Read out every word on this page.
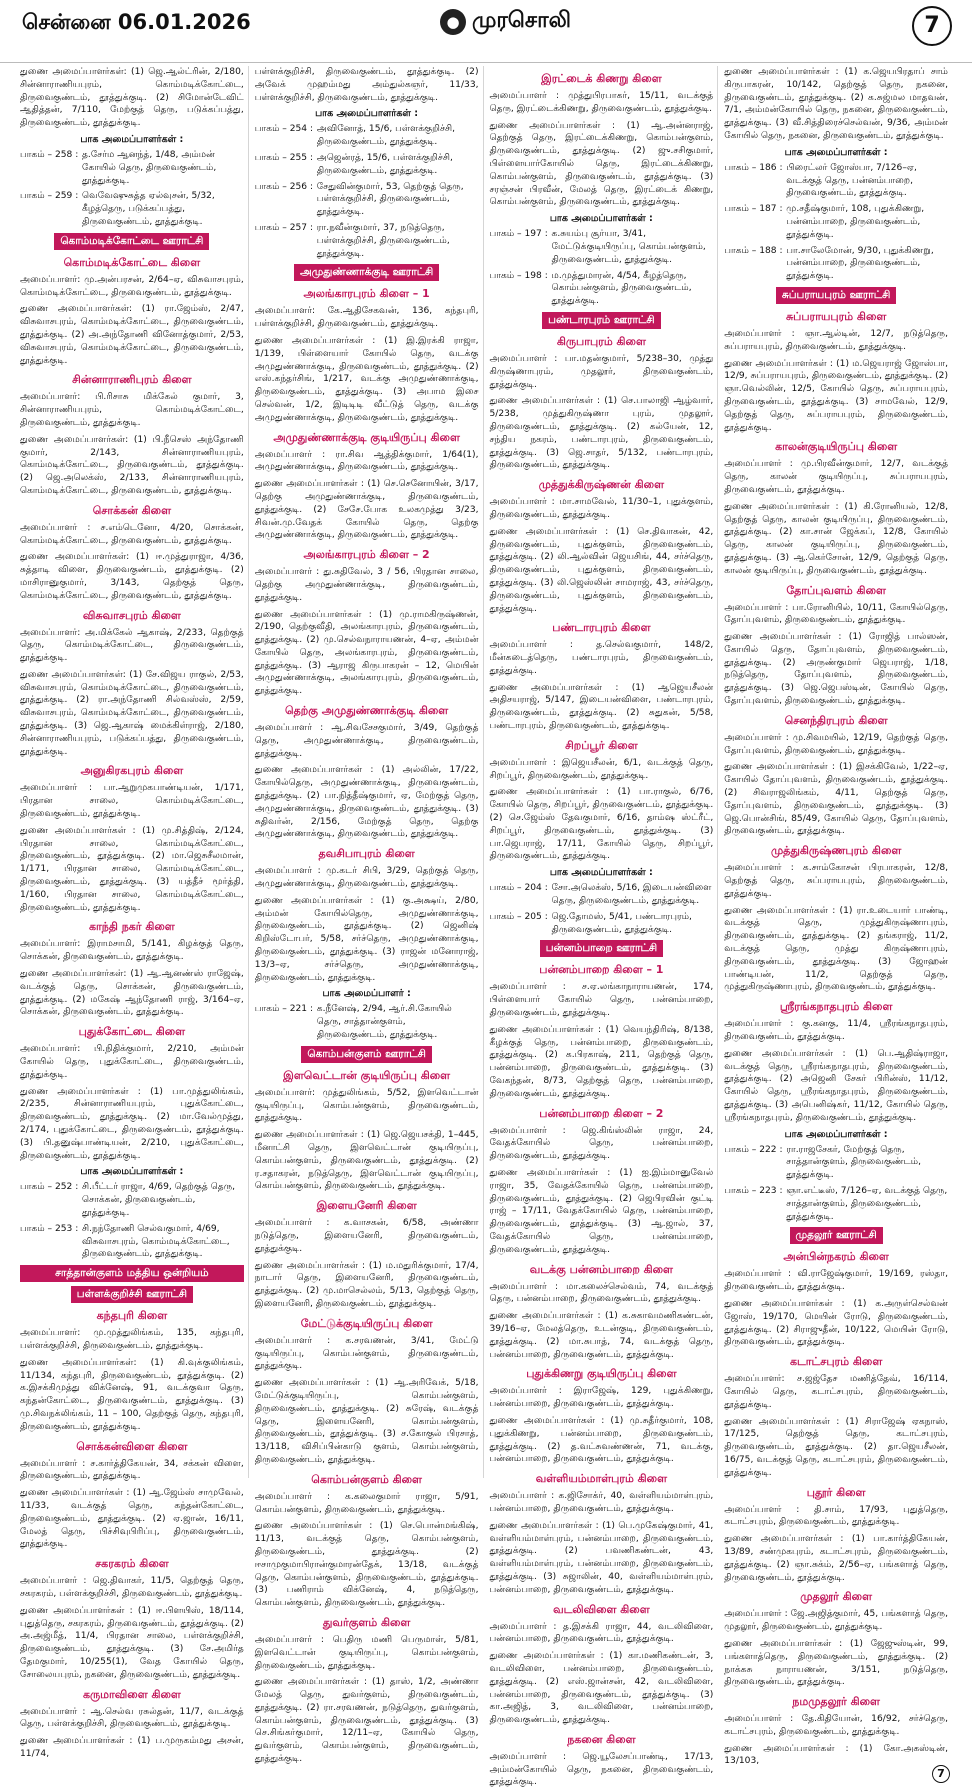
சென்னை 06.01.2026	● முரசொலி	7

துணை அமைப்பாளர்கள்: (1) ஜெ.ஆல்ட்ரின், 2/180, சின்னாராணியபுரம், கொம்மடிக்கோட்டை, திருவைகுண்டம், தூத்துக்குடி. (2) சிமோன்டேவிட் ஆதித்தன், 7/110, மேற்குத் தெரு, படுக்கப்பத்து, திருவைகுண்டம், தூத்துக்குடி.

பாக அமைப்பாளர்கள் :
பாகம் – 258 : த.சேர்ம ஆனந்த், 1/48, அம்மன் கோயில் தெரு, திருவைகுண்டம், தூத்துக்குடி.
பாகம் – 259 : வெவேஷுசுத்த ஏல்வுசன், 5/32, கீழத்தெரு, படுக்கப்பத்து, திருவைகுண்டம், தூத்துக்குடி.
கொம்மடிக்கோட்டை ஊராட்சி
கொம்மடிக்கோட்டை கிளை

அமைப்பாளர்: மு.அன்பரசன், 2/64–ஏ, விசுவாசபுரம், கொம்மடிக்கோட்டை, திருவைகுண்டம், தூத்துக்குடி.

துணை அமைப்பாளர்கள்: (1) ரா.ஜேம்ஸ், 2/47, விசுவாசபுரம், கொம்மடிக்கோட்டை, திருவைகுண்டம், தூத்துக்குடி. (2) அ.அந்தோணி வினோத்குமார், 2/53, விசுவாசபுரம், கொம்மடிக்கோட்டை, திருவைகுண்டம், தூத்துக்குடி.

சின்னாராணிபுரம் கிளை

அமைப்பாளர்: பி.ரிசாசு மிக்கேல் குமார், 3, சின்னாராணியபுரம், கொம்மடிக்கோட்டை, திருவைகுண்டம், தூத்துக்குடி.

துணை அமைப்பாளர்கள்: (1) பி.நீசெஸ் அந்தோணி குமார், 2/143, சின்னாராணியபுரம், கொம்மடிக்கோட்டை, திருவைகுண்டம், தூத்துக்குடி. (2) ஜெ.அலெக்ஸ், 2/133, சின்னாராணியபுரம், கொம்மடிக்கோட்டை, திருவைகுண்டம், தூத்துக்குடி.

சொக்கன் கிளை

அமைப்பாளர் : ச.எம்டெனோ, 4/20, சொக்கன், கொம்மடிக்கோட்டை, திருவைகுண்டம், தூத்துக்குடி.

துணை அமைப்பாளர்கள்: (1) ஈ.முத்துராஜா, 4/36, சுத்தாடி விளை, திருவைகுண்டம், தூத்துக்குடி. (2) மாசிரானுகுமார், 3/143, தெற்குத் தெரு, கொம்மடிக்கோட்டை, திருவைகுண்டம், தூத்துக்குடி.

விசுவாசபுரம் கிளை

அமைப்பாளர்: அ.மிக்கேல் ஆகாஷ், 2/233, தெற்குத் தெரு, கொம்மடிக்கோட்டை, திருவைகுண்டம், தூத்துக்குடி.

துணை அமைப்பாளர்கள்: (1) சே.விஜய ராகுல், 2/53, விசுவாசபுரம், கொம்மடிக்கோட்டை, திருவைகுண்டம், தூத்துக்குடி. (2) ரா.அந்தோணி சில்வஸ்ஸ், 2/59, விசுவாசபுரம், கொம்மடிக்கோட்டை, திருவைகுண்டம், தூத்துக்குடி. (3) ஜெ.ஆகாஷ் மைக்கிள்ராஜ், 2/180, சின்னாராணியபுரம், படுக்கப்பத்து, திருவைகுண்டம், தூத்துக்குடி.

அனுகிரகபுரம் கிளை

அமைப்பாளர் : பா.ஆறுமுகபாண்டியன், 1/171, பிரதான சாலை, கொம்மடிக்கோட்டை, திருவைகுண்டம், தூத்துக்குடி.

துணை அமைப்பாளர்கள் : (1) மு.சித்திஷ், 2/124, பிரதான சாலை, கொம்மடிக்கோட்டை, திருவைகுண்டம், தூத்துக்குடி. (2) மா.ஜெசுசீலமான், 1/171, பிரதான சாலை, கொம்மடிக்கோட்டை, திருவைகுண்டம், தூத்துக்குடி. (3) யத்தீச் மூர்த்தி, 1/160, பிரதான சாலை, கொம்மடிக்கோட்டை, திருவைகுண்டம், தூத்துக்குடி.

காந்தி நகர் கிளை

அமைப்பாளர்: இராமசாமி, 5/141, கிழக்குத் தெரு, சொக்கன், திருவைகுண்டம், தூத்துக்குடி.

துணை அமைப்பாளர்கள்: (1) ஆ.ஆனண்ஸ் ராஜேஷ், வடக்குத் தெரு, சொக்கன், திருவைகுண்டம், தூத்துக்குடி. (2) மகேஷ் ஆந்தோணி ராஜ், 3/164–ஏ, சொக்கன், திருவைகுண்டம், தூத்துக்குடி.

புதுக்கோட்டை கிளை

அமைப்பாளர்: பி.நிதிக்குமார், 2/210, அம்மன் கோயில் தெரு, புதுக்கோட்டை, திருவைகுண்டம், தூத்துக்குடி.

துணை அமைப்பாளர்கள் : (1) பா.முத்துலிங்கம், 2/235, சின்னாராணியபுரம், புதுக்கோட்டை, திருவைகுண்டம், தூத்துக்குடி. (2) மா.வேல்முத்து, 2/174, புதுக்கோட்டை, திருவைகுண்டம், தூத்துக்குடி. (3) பி.தனுஷ்பாண்டியன், 2/210, புதுக்கோட்டை, திருவைகுண்டம், தூத்துக்குடி.

பாக அமைப்பாளர்கள் :
பாகம் – 252 : சி.பீட்டர் ராஜா, 4/69, தெற்குத் தெரு, சொக்கன், திருவைகுண்டம், தூத்துக்குடி.
பாகம் – 253 : சி.நந்தோணி செல்வகுமார், 4/69, விசுவாசபுரம், கொம்மடிக்கோட்டை, திருவைகுண்டம், தூத்துக்குடி.
சாத்தான்குளம் மத்திய ஒன்றியம்
பள்ளக்குறிச்சி ஊராட்சி
கந்தபுரி கிளை

அமைப்பாளர்: மு.முத்துலிங்கம், 135, கந்தபுரி, பள்ளக்குறிச்சி, திருவைகுண்டம், தூத்துக்குடி.

துணை அமைப்பாளர்கள்: (1) கி.வுக்குலிங்கம், 11/134, கந்தபுரி, திருவைகுண்டம், தூத்துக்குடி. (2) க.இசக்கிமுத்து விக்னேஷ், 91, வடக்குவா தெரு, கந்தன்கோட்டை, திருவைகுண்டம், தூத்துக்குடி. (3) மு.சிவநக்லிங்கம், 11 – 100, தெற்குத் தெரு, கந்தபுரி, திருவைகுண்டம், தூத்துக்குடி.

சொக்கன்விளை கிளை

அமைப்பாளர் : ச.கார்த்திகேயன், 34, சக்கன் விளை, திருவைகுண்டம், தூத்துக்குடி.

துணை அமைப்பாளர்கள் : (1) ஆ.ஜேம்ஸ் சாமுவேல், 11/33, வடக்குத் தெரு, கந்தன்கோட்டை, திருவைகுண்டம், தூத்துக்குடி. (2) ஏ.ஜான், 16/11, மேலத் தெரு, பிச்சிவுபிரிப்பு, திருவைகுண்டம், தூத்துக்குடி.

சகரகரம் கிளை

அமைப்பாளர் : ஜெ.திவாகர், 11/5, தெற்குத் தெரு, சகரகரம், பள்ளக்குறிச்சி, திருவைகுண்டம், தூத்துக்குடி.

துணை அமைப்பாளர்கள் : (1) ஈ.பிளயிஸ், 18/114, புதுத்தெரு, சகரகரம், திருவைகுண்டம், தூத்துக்குடி. (2) அ.அஜ்மீத், 11/4, பிரதான சாலை, பள்ளக்குறிச்சி, திருவைகுண்டம், தூத்துக்குடி. (3) சே.அமிர்த தேமகுமார், 10/255(1), வேத கோயில் தெரு, சோலையபுரம், நகனை, திருவைகுண்டம், தூத்துக்குடி.

கருமாவிளை கிளை

அமைப்பாளர் : ஆ.செல்வ ரசுல்தன், 11/7, வடக்குத் தெரு, பள்ளக்குறிச்சி, திருவைகுண்டம், தூத்துக்குடி.

துணை அமைப்பாளர்கள் : (1) ப.முருகம்மது அசன், 11/74,

பள்ளக்குறிச்சி, திருவைகுண்டம், தூத்துக்குடி. (2) அவேக் முஹம்மது அம்துல்கஞர், 11/33, பள்ளக்குறிச்சி, திருவைகுண்டம், தூத்துக்குடி.

பாக அமைப்பாளர்கள் :
பாகம் – 254 : அவினோத், 15/6, பள்ளக்குறிச்சி, திருவைகுண்டம், தூத்துக்குடி.
பாகம் – 255 : அஜென்ரத், 15/6, பள்ளக்குறிச்சி, திருவைகுண்டம், தூத்துக்குடி.
பாகம் – 256 : சேதுவின்குமார், 53, தெற்குத் தெரு, பள்ளக்குறிச்சி, திருவைகுண்டம், தூத்துக்குடி.
பாகம் – 257 : ரா.நவீன்குமார், 37, நடுத்தெரு, பள்ளக்குறிச்சி, திருவைகுண்டம், தூத்துக்குடி.
அமுதுண்ணாக்குடி ஊராட்சி
அலங்காரபுரம் கிளை – 1

அமைப்பாளர்: கே.ஆதிசேகவன், 136, கந்தபுரி, பள்ளக்குறிச்சி, திருவைகுண்டம், தூத்துக்குடி.

துணை அமைப்பாளர்கள் : (1) இ.இரக்கி ராஜா, 1/139, பிள்ளையார் கோயில் தெரு, வடக்கு அமுதுண்ணாக்குடி, திருவைகுண்டம், தூத்துக்குடி. (2) எஸ்.கந்தர்சிங், 1/217, வடக்கு அமுதுண்ணாக்குடி, திருவைகுண்டம், தூத்துக்குடி. (3) அபாம இசை செல்வன், 1/2, இடிடிடி வீட்டுத் தெரு, வடக்கு அமுதுண்ணாக்குடி, திருவைகுண்டம், தூத்துக்குடி.

அமுதுண்ணாக்குடி குடியிருப்பு கிளை

அமைப்பாளர் : ரா.சிவ ஆத்திக்குமார், 1/64(1), அமுதுண்ணாக்குடி, திருவைகுண்டம், தூத்துக்குடி.

துணை அமைப்பாளர்கள் : (1) செ.செனோயின், 3/17, தெற்கு அமுதுண்ணாக்குடி, திருவைகுண்டம், தூத்துக்குடி. (2) சேசே.போக உலகமுத்து 3/23, சிவன்.மு.வேதக் கோயில் தெரு, தெற்கு அமுதுண்ணாக்குடி, திருவைகுண்டம், தூத்துக்குடி.

அலங்காரபுரம் கிளை – 2

அமைப்பாளர் : து.சுதிவேல், 3 / 56, பிரதான சாலை, தெற்கு அமுதுண்ணாக்குடி, திருவைகுண்டம், தூத்துக்குடி.

துணை அமைப்பாளர்கள் : (1) மு.ராமகிருஷ்ணன், 2/190, தெற்குவீதி, அலங்காரபுரம், திருவைகுண்டம், தூத்துக்குடி. (2) மு.செல்வநாராயணன், 4–ஏ, அம்மன் கோயில் தெரு, அலங்காரபுரம், திருவைகுண்டம், தூத்துக்குடி. (3) ஆராஜ கிருபாகரன் – 12, மெயின் அமுதுண்ணாக்குடி, அலங்காரபுரம், திருவைகுண்டம், தூத்துக்குடி.

தெற்கு அமுதுண்ணாக்குடி கிளை

அமைப்பாளர் : ஆ.சிவசேசகுமார், 3/49, தெற்குத் தெரு, அமுதுண்ணாக்குடி, திருவைகுண்டம், தூத்துக்குடி.

துணை அமைப்பாளர்கள் : (1) அல்லின், 17/22, கோயில்தெரு, அமுதுண்ணாக்குடி, திருவைகுண்டம், தூத்துக்குடி. (2) பா.நித்தீஷ்குமார், ஏ, மேற்குத் தெரு, அமுதுண்ணாக்குடி, திருவைகுண்டம், தூத்துக்குடி. (3) சுதிவர்ன், 2/156, மேற்குத் தெரு, தெற்கு அமுதுண்ணாக்குடி, திருவைகுண்டம், தூத்துக்குடி.

தவசிபாபுரம் கிளை

அமைப்பாளர் : மு.கடர் சிபி, 3/29, தெற்குத் தெரு, அமுதுண்ணாக்குடி, திருவைகுண்டம், தூத்துக்குடி.

துணை அமைப்பாளர்கள் : (1) கு.அக்ஷய், 2/80, அம்மன் கோயில்தெரு, அமுதுண்ணாக்குடி, திருவைகுண்டம், தூத்துக்குடி. (2) ஜெனிஷ் கிறிஸ்டோபர், 5/58, சர்ச்தெரு, அமுதுண்ணாக்குடி, திருவைகுண்டம், தூத்துக்குடி. (3) ராஜன் மனோராஜ், 13/3–ஏ, சர்ச்தெரு, அமுதுண்ணாக்குடி, திருவைகுண்டம், தூத்துக்குடி.

பாக அமைப்பாளர் :
பாகம் – 221 : க.நீனேஷ், 2/94, ஆர்.சி.கோயில் தெரு, சாத்தான்குளம், திருவைகுண்டம், தூத்துக்குடி.
கொம்பன்குளம் ஊராட்சி
இளவெட்டான் குடியிருப்பு கிளை

அமைப்பாளர்: முத்துலிங்கம், 5/52, இளவெட்டான் குடியிருப்பு, கொம்பன்குளம், திருவைகுண்டம், தூத்துக்குடி.

துணை அமைப்பாளர்கள் : (1) ஜெ.ஜெயசக்தி, 1–445, மீனாட்சி தெரு, இளவெட்டான் குடியிருப்பு, கொம்பன்குளம், திருவைகுண்டம், தூத்துக்குடி. (2) ர.சதாகரன், நடுத்தெரு, இளவெட்டான் குடியிருப்பு, கொம்பன்குளம், திருவைகுண்டம், தூத்துக்குடி.

இளையனேரி கிளை

அமைப்பாளர் : க.வாசகன், 6/58, அண்ணா நடுத்தெரு, இளையனேரி, திருவைகுண்டம், தூத்துக்குடி.

துணை அமைப்பாளர்கள் : (1) ம.மதுரிக்குமார், 17/4, நாடார் தெரு, இளையனேரி, திருவைகுண்டம், தூத்துக்குடி. (2) மு.மாசெல்லம், 5/13, தெற்குத் தெரு, இளையனேரி, திருவைகுண்டம், தூத்துக்குடி.

மேட்டுக்குடியிருப்பு கிளை

அமைப்பாளர் : க.சரவணன், 3/41, மேட்டு குடியிருப்பு, கொம்பன்குளம், திருவைகுண்டம், தூத்துக்குடி.

துணை அமைப்பாளர்கள் : (1) ஆ.அரிவேக், 5/18, மேட்டுக்குடியிருப்பு, கொம்பன்குளம், திருவைகுண்டம், தூத்துக்குடி. (2) சுரேஷ், வடக்குத் தெரு, இளையனேரி, கொம்பன்குளம், திருவைகுண்டம், தூத்துக்குடி. (3) ச.கோகுல் பிரசாத், 13/118, விசிப்பின்காடு குளம், கொம்பன்குளம், திருவைகுண்டம், தூத்துக்குடி.

கொம்பன்குளம் கிளை

அமைப்பாளர் : க.கலைகுமார் ராஜா, 5/91, கொம்பன்குளம், திருவைகுண்டம், தூத்துக்குடி.

துணை அமைப்பாளர்கள் : (1) செ.பொன்மங்கிஷ், 11/13, வடக்குத் தெரு, கொம்பன்குளம், திருவைகுண்டம், தூத்துக்குடி. (2) ஈசாமுகுமாபிரான்குமாரன்தேக், 13/18, வடக்குத் தெரு, கொம்பன்குளம், திருவைகுண்டம், தூத்துக்குடி. (3) பணிராம் விக்னேஷ், 4, நடுத்தெரு, கொம்பன்குளம், திருவைகுண்டம், தூத்துக்குடி.

துவர்குளம் கிளை

அமைப்பாளர் : பெதிரு மணி பெருமாள், 5/81, இளவெட்டான் குடியிருப்பு, கொம்பன்குளம், திருவைகுண்டம், தூத்துக்குடி.

துணை அமைப்பாளர்கள் : (1) தாஸ், 1/2, அண்ணா மேலத் தெரு, துவர்குளம், திருவைகுண்டம், தூத்துக்குடி. (2) ரா.சரவணன், நடுத்தெரு, துவர்குளம், கொம்பன்குளம், திருவைகுண்டம், தூத்துக்குடி. (3) செ.சிங்கர்குமார், 12/11–ஏ, கோயில் தெரு, துவர்குளம், கொம்பன்குளம், திருவைகுண்டம், தூத்துக்குடி.

இரட்டைக் கிணறு கிளை

அமைப்பாளர் : முத்துபிரபாகர், 15/11, வடக்குத் தெரு, இரட்டைக்கிணறு, திருவைகுண்டம், தூத்துக்குடி.

துணை அமைப்பாளர்கள் : (1) ஆ.அன்னராஜ், தெற்குத் தெரு, இரட்டைக்கிணறு, கொம்பன்குளம், திருவைகுண்டம், தூத்துக்குடி. (2) ஜு.சசிகுமார், பிள்ளையார்கோயில் தெரு, இரட்டைக்கிணறு, கொம்பன்குளம், திருவைகுண்டம், தூத்துக்குடி. (3) சரஞ்சன் பிரவீன், மேலத் தெரு, இரட்டைக் கிணறு, கொம்பன்குளம், திருவைகுண்டம், தூத்துக்குடி.

பாக அமைப்பாளர்கள் :
பாகம் – 197 : க.சுயம்பு சூர்யா, 3/41, மேட்டுக்குடியிருப்பு, கொம்பன்குளம், திருவைகுண்டம், தூத்துக்குடி.
பாகம் – 198 : ம.முத்துமாரன், 4/54, கீழத்தெரு, கொம்பன்குளம், திருவைகுண்டம், தூத்துக்குடி.
பண்டாரபுரம் ஊராட்சி
கிருபாபுரம் கிளை

அமைப்பாளர் : பா.மதன்குமார், 5/238–30, முத்து கிருஷ்ணாபுரம், முதலூர், திருவைகுண்டம், தூத்துக்குடி.

துணை அமைப்பாளர்கள் : (1) செ.பாலாஜி ஆழ்வார், 5/238, முத்துகிருஷ்ணா புரம், முதலூர், திருவைகுண்டம், தூத்துக்குடி. (2) கல்யேன், 12, சந்திய நகரம், பண்டாரபுரம், திருவைகுண்டம், தூத்துக்குடி. (3) ஜெ.சாதர், 5/132, பண்டாரபுரம், திருவைகுண்டம், தூத்துக்குடி.

முத்துக்கிருஷ்ணன் கிளை

அமைப்பாளர் : மா.சாமவேல், 11/30–1, புதுக்குளம், திருவைகுண்டம், தூத்துக்குடி.

துணை அமைப்பாளர்கள் : (1) செ.திவாகன், 42, திருவைகுண்டம், புதுக்குளம், திருவைகுண்டம், தூத்துக்குடி. (2) லி.ஆல்வின் ஜெயசிங், 44, சர்ச்தெரு, திருவைகுண்டம், புதுக்குளம், திருவைகுண்டம், தூத்துக்குடி. (3) லி.ஜெஸ்லின் சாமராஜ், 43, சர்ச்தெரு, திருவைகுண்டம், புதுக்குளம், திருவைகுண்டம், தூத்துக்குடி.

பண்டாரபுரம் கிளை

அமைப்பாளர் : த.செல்வகுமார், 148/2, மீன்கடைத்தெரு, பண்டாரபுரம், திருவைகுண்டம், தூத்துக்குடி.

துணை அமைப்பாளர்கள் : (1) ஆஜெயசீலன் அதிசயராஜ், 5/147, இடையன்விளை, பண்டாரபுரம், திருவைகுண்டம், தூத்துக்குடி. (2) சுதுகன், 5/58, பண்டாரபுரம், திருவைகுண்டம், தூத்துக்குடி.

சிறப்பூர் கிளை

அமைப்பாளர் : இஜெயசீலன், 6/1, வடக்குத் தெரு, சிறப்பூர், திருவைகுண்டம், தூத்துக்குடி.

துணை அமைப்பாளர்கள் : (1) பா.ராகுல், 6/76, கோயில் தெரு, சிறப்பூர், திருவைகுண்டம், தூத்துக்குடி. (2) செ.ஜேம்ஸ் தேவகுமார், 6/16, தாம்ஷ ஸ்ட்ரீட், சிறப்பூர், திருவைகுண்டம், தூத்துக்குடி. (3) பா.ஜெபராஜ், 17/11, கோயில் தெரு, சிறப்பூர், திருவைகுண்டம், தூத்துக்குடி.

பாக அமைப்பாளர்கள் :
பாகம் – 204 : சோ.அலெக்ஸ், 5/16, இடையன்விளை தெரு, திருவைகுண்டம், தூத்துக்குடி.
பாகம் – 205 : ஜெ.தோமஸ், 5/41, பண்டாரபுரம், திருவைகுண்டம், தூத்துக்குடி.
பன்னம்பாறை ஊராட்சி
பன்னம்பாறை கிளை – 1

அமைப்பாளர் : ச.ஏ.லங்காநாராயணன், 174, பிள்ளையார் கோயில் தெரு, பன்னம்பாறை, திருவைகுண்டம், தூத்துக்குடி.

துணை அமைப்பாளர்கள் : (1) வெயந்திரிஷ், 8/138, கீழக்குத் தெரு, பன்னம்பாறை, திருவைகுண்டம், தூத்துக்குடி. (2) க.பிரகாஷ், 211, தெற்குத் தெரு, பன்னம்பாறை, திருவைகுண்டம், தூத்துக்குடி. (3) வேகந்தன், 8/73, தெற்குத் தெரு, பன்னம்பாறை, திருவைகுண்டம், தூத்துக்குடி.

பன்னம்பாறை கிளை – 2

அமைப்பாளர் : ஜெ.கிங்ஸ்லின் ராஜா, 24, வேதக்கோயில் தெரு, பன்னம்பாறை, திருவைகுண்டம், தூத்துக்குடி.

துணை அமைப்பாளர்கள் : (1) ஐ.இம்மானுவேல் ராஜா, 35, வேதக்கோயில் தெரு, பன்னம்பாறை, திருவைகுண்டம், தூத்துக்குடி. (2) ஜெபிரவின் குட்டி ராஜ் – 17/11, வேதக்கோயில் தெரு, பன்னம்பாறை, திருவைகுண்டம், தூத்துக்குடி. (3) ஆ.ஜால், 37, வேதக்கோயில் தெரு, பன்னம்பாறை, திருவைகுண்டம், தூத்துக்குடி.

வடக்கு பன்னம்பாறை கிளை

அமைப்பாளர் : மா.கலைச்செல்வம், 74, வடக்குத் தெரு, பன்னம்பாறை, திருவைகுண்டம், தூத்துக்குடி.

துணை அமைப்பாளர்கள் : (1) க.சுகாவமணிகண்டன், 39/16–ஏ, மேலத்தெரு, உடன்குடி, திருவைகுண்டம், தூத்துக்குடி. (2) மா.சுபாத், 74, வடக்குத் தெரு, பன்னம்பாறை, திருவைகுண்டம், தூத்துக்குடி.

புதுக்கிணறு குடியிருப்பு கிளை

அமைப்பாளர் : இராஜேஷ், 129, புதுக்கிணறு, பன்னம்பாறை, திருவைகுண்டம், தூத்துக்குடி.

துணை அமைப்பாளர்கள் : (1) மு.சுதீர்குமார், 108, புதுக்கிணறு, பன்னம்பாறை, திருவைகுண்டம், தூத்துக்குடி. (2) த.வட்சுவண்ணன், 71, வடக்கு, பன்னம்பாறை, திருவைகுண்டம், தூத்துக்குடி.

வள்ளியம்மாள்புரம் கிளை

அமைப்பாளர் : க.ஜிசோக்ர், 40, வள்ளியம்மாள்புரம், பன்னம்பாறை, திருவைகுண்டம், தூத்துக்குடி.

துணை அமைப்பாளர்கள் : (1) பெ.முகேஷ்குமார், 41, வள்ளியம்மாள்புரம், பன்னம்பாறை, திருவைகுண்டம், தூத்துக்குடி. (2) பவணிகண்டன், 43, வள்ளியம்மாள்புரம், பன்னம்பாறை, திருவைகுண்டம், தூத்துக்குடி. (3) சுஜாலின், 40, வள்ளியம்மாள்புரம், பன்னம்பாறை, திருவைகுண்டம், தூத்துக்குடி.

வடலிவிளை கிளை

அமைப்பாளர் : த.இசக்கி ராஜா, 44, வடலிவிளை, பன்னம்பாறை, திருவைகுண்டம், தூத்துக்குடி.

துணை அமைப்பாளர்கள் : (1) கா.மணிகண்டன், 3, வடலிவிளை, பன்னம்பாறை, திருவைகுண்டம், தூத்துக்குடி. (2) எஸ்.ஜான்சன், 42, வடலிவிளை, பன்னம்பாறை, திருவைகுண்டம், தூத்துக்குடி. (3) கா.அஜித், 3, வடலிவிளை, பன்னம்பாறை, திருவைகுண்டம், தூத்துக்குடி.

நகனை கிளை

அமைப்பாளர் : ஜெ.யூலேசப்பாண்டி, 17/13, அம்மன்கோயில் தெரு, நகனை, திருவைகுண்டம், தூத்துக்குடி.

துணை அமைப்பாளர்கள் : (1) க.ஜெயபிரதாப் சாம் கிருபாகரன், 10/142, தெற்குத் தெரு, நகனை, திருவைகுண்டம், தூத்துக்குடி. (2) க.சுஜ்மல மாதவன், 7/1, அம்மன்கோயில் தெரு, நகனை, திருவைகுண்டம், தூத்துக்குடி. (3) வீ.சித்திரைச்செல்வன், 9/36, அம்மன் கோயில் தெரு, நகனை, திருவைகுண்டம், தூத்துக்குடி.

பாக அமைப்பாளர்கள் :
பாகம் – 186 : பிரைட்லர் ஜோஸ்பா, 7/126–ஏ, வடக்குத் தெரு, பன்னம்பாறை, திருவைகுண்டம், தூத்துக்குடி.
பாகம் – 187 : மு.சதீஷ்குமார், 108, புதுக்கிணறு, பன்னம்பாறை, திருவைகுண்டம், தூத்துக்குடி.
பாகம் – 188 : பா.சாலேமோன், 9/30, புதுக்கிணறு, பன்னம்பாறை, திருவைகுண்டம், தூத்துக்குடி.
சுப்பராயபுரம் ஊராட்சி
சுப்பராயபுரம் கிளை

அமைப்பாளர் : ஞா.ஆல்டின், 12/7, நடுத்தெரு, சுப்பராயபுரம், திருவைகுண்டம், தூத்துக்குடி.

துணை அமைப்பாளர்கள் : (1) ம.ஜெயராஜ் ஜோஸ்பா, 12/9, சுப்பராயபுரம், திருவைகுண்டம், தூத்துக்குடி. (2) ஞா.வெல்லின், 12/5, கோயில் தெரு, சுப்பராயபுரம், திருவைகுண்டம், தூத்துக்குடி. (3) சாமவேல், 12/9, தெற்குத் தெரு, சுப்பராயபுரம், திருவைகுண்டம், தூத்துக்குடி.

காலன்குடியிருப்பு கிளை

அமைப்பாளர் : மு.பிரவீன்குமார், 12/7, வடக்குத் தெரு, காலன் குடியிருப்பு, சுப்பராயபுரம், திருவைகுண்டம், தூத்துக்குடி.

துணை அமைப்பாளர்கள் : (1) கி.ரோனியல், 12/8, தெற்குத் தெரு, காலன் குடியிருப்பு, திருவைகுண்டம், தூத்துக்குடி. (2) கா.சான் ஜேக்கப், 12/8, கோயில் தெரு, காலன் குடியிருப்பு, திருவைகுண்டம், தூத்துக்குடி. (3) ஆ.கெர்சோன், 12/9, தெற்குத் தெரு, காலன் குடியிருப்பு, திருவைகுண்டம், தூத்துக்குடி.

தோப்புவளம் கிளை

அமைப்பாளர் : பா.ரோனியில், 10/11, கோயில்தெரு, தோப்புவளம், திருவைகுண்டம், தூத்துக்குடி.

துணை அமைப்பாளர்கள் : (1) ரோஜித் பால்ஸன், கோயில் தெரு, தோப்புவளம், திருவைகுண்டம், தூத்துக்குடி. (2) அருண்குமார் ஜெபராஜ், 1/18, நடுத்தெரு, தோப்புவளம், திருவைகுண்டம், தூத்துக்குடி. (3) ஜெ.ஜெபஸ்டின், கோயில் தெரு, தோப்புவளம், திருவைகுண்டம், தூத்துக்குடி.

செனந்திரபுரம் கிளை

அமைப்பாளர் : மு.சிவமயில், 12/19, தெற்குத் தெரு, தோப்புவளம், திருவைகுண்டம், தூத்துக்குடி.

துணை அமைப்பாளர்கள் : (1) இசக்கிவேல், 1/22–ஏ, கோயில் தோப்புவளம், திருவைகுண்டம், தூத்துக்குடி. (2) சிவராஜலிங்கம், 4/11, தெற்குத் தெரு, தோப்புவளம், திருவைகுண்டம், தூத்துக்குடி. (3) ஜெ.பொன்சிங், 85/49, கோயில் தெரு, தோப்புவளம், திருவைகுண்டம், தூத்துக்குடி.

முத்துகிருஷ்ணபுரம் கிளை

அமைப்பாளர் : க.சாம்கோசன் பிரபாகரன், 12/8, தெற்குத் தெரு, சுப்பராயபுரம், திருவைகுண்டம், தூத்துக்குடி.

துணை அமைப்பாளர்கள் : (1) ரா.உடையார் பாண்டி, வடக்குத் தெரு, முத்துகிருஷ்ணாபுரம், திருவைகுண்டம், தூத்துக்குடி. (2) தங்கராஜ், 11/2, வடக்குத் தெரு, முத்து கிருஷ்ணாபுரம், திருவைகுண்டம், தூத்துக்குடி. (3) ஜோஹன் பாண்டியன், 11/2, தெற்குத் தெரு, முத்துகிருஷ்ணாபுரம், திருவைகுண்டம், தூத்துக்குடி.

ஸ்ரீரங்கநாதபுரம் கிளை

அமைப்பாளர் : கு.கனகு, 11/4, ஸ்ரீரங்கநாதபுரம், திருவைகுண்டம், தூத்துக்குடி.

துணை அமைப்பாளர்கள் : (1) பெ.ஆதிஷ்ராஜா, வடக்குத் தெரு, ஸ்ரீரங்கநாதபுரம், திருவைகுண்டம், தூத்துக்குடி. (2) அஜெனி சேகர் பிரின்ஸ், 11/12, கோயில் தெரு, ஸ்ரீரங்கநாதபுரம், திருவைகுண்டம், தூத்துக்குடி. (3) அபெனிஷ்கர், 11/12, கோயில் தெரு, ஸ்ரீரங்கநாதபுரம், திருவைகுண்டம், தூத்துக்குடி.

பாக அமைப்பாளர்கள் :
பாகம் – 222 : ரா.ராஜசேகர், மேற்குத் தெரு, சாத்தான்குளம், திருவைகுண்டம், தூத்துக்குடி.
பாகம் – 223 : ஞா.எட்டீஸ், 7/126–ஏ, வடக்குத் தெரு, சாத்தான்குளம், திருவைகுண்டம், தூத்துக்குடி.
முதலூர் ஊராட்சி
அன்பின்நகரம் கிளை

அமைப்பாளர் : வி.ராஜேஷ்குமார், 19/169, ரஸ்தா, திருவைகுண்டம், தூத்துக்குடி.

துணை அமைப்பாளர்கள் : (1) க.அருள்செல்வன் ஜோஸ், 19/170, மெயின் ரோடு, திருவைகுண்டம், தூத்துக்குடி. (2) சிராஜுதீன், 10/122, மெயின் ரோடு, திருவைகுண்டம், தூத்துக்குடி.

கடாட்சபுரம் கிளை

அமைப்பாளர்: ச.ஜஜ்தேச மணித்தேவ், 16/114, கோயில் தெரு, கடாட்சபுரம், திருவைகுண்டம், தூத்துக்குடி.

துணை அமைப்பாளர்கள் : (1) சிராஜேஷ் ஏகநாஸ், 17/125, தெற்குத் தெரு, கடாட்சபுரம், திருவைகுண்டம், தூத்துக்குடி. (2) தா.ஜெயசீலன், 16/75, வடக்குத் தெரு, கடாட்சபுரம், திருவைகுண்டம், தூத்துக்குடி.

புதூர் கிளை

அமைப்பாளர் : தி.சாம், 17/93, புதுத்தெரு, கடாட்சபுரம், திருவைகுண்டம், தூத்துக்குடி.

துணை அமைப்பாளர்கள் : (1) பா.கார்த்திகேயன், 13/89, சண்முகபுரம், கடாட்சபுரம், திருவைகுண்டம், தூத்துக்குடி. (2) ஞா.சுக்ம், 2/56–ஏ, பங்களாத் தெரு, திருவைகுண்டம், தூத்துக்குடி.

முதலூர் கிளை

அமைப்பாளர் : ஜே.அஜித்குமார், 45, பங்களாத் தெரு, முதலூர், திருவைகுண்டம், தூத்துக்குடி.

துணை அமைப்பாளர்கள் : (1) ஜேஜுஸ்டின், 99, பங்களாத்தெரு, திருவைகுண்டம், தூத்துக்குடி. (2) நாக்கசு நாராயணன், 3/151, நடுத்தெரு, திருவைகுண்டம், தூத்துக்குடி.

நமமுதலூர் கிளை

அமைப்பாளர் : தே.கிதியோன், 16/92, சர்ச்தெரு, கடாட்சபுரம், திருவைகுண்டம், தூத்துக்குடி.

துணை அமைப்பாளர்கள் : (1) கோ.அகஸ்டின், 13/103,

7
